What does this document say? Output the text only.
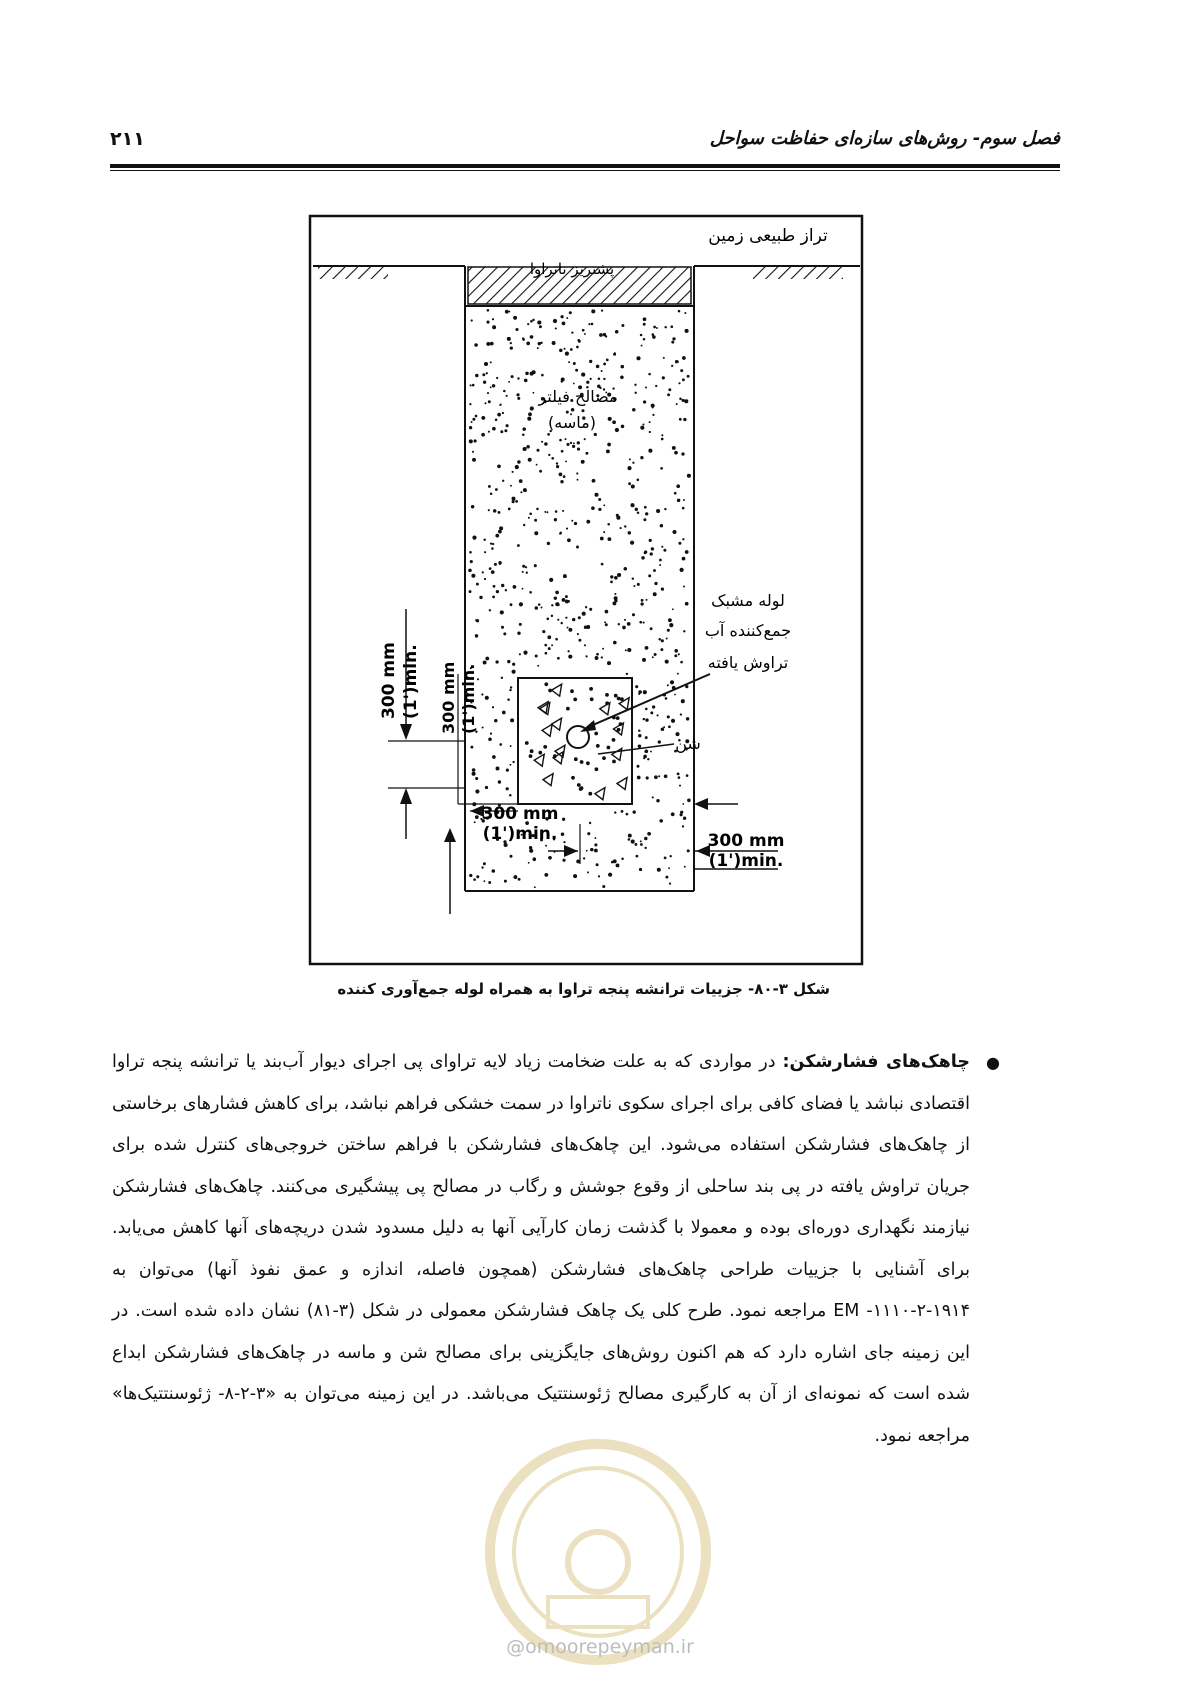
فصل سوم- روش‌های سازه‌ای حفاظت سواحل
۲۱۱
تراز طبیعی زمین
پشتریز ناتراوا
مصالح فیلتر
(ماسه)
لوله مشبک
جمع‌کننده آب
تراوش یافته
شن
300 mm (1')min. 300 mm (1')min.
300 mm
(1')min.	300 mm
(1')min.
شکل ۳-۸۰- جزییات ترانشه پنجه تراوا به همراه لوله جمع‌آوری کننده
●
چاهک‌های فشارشکن: در مواردی که به علت ضخامت زیاد لایه تراوای پی اجرای دیوار آب‌بند یا ترانشه پنجه تراوا اقتصادی نباشد یا فضای کافی برای اجرای سکوی ناتراوا در سمت خشکی فراهم نباشد، برای کاهش فشارهای برخاستی از چاهک‌های فشارشکن استفاده می‌شود. این چاهک‌های فشارشکن با فراهم ساختن خروجی‌های کنترل شده برای جریان تراوش یافته در پی بند ساحلی از وقوع جوشش و رگاب در مصالح پی پیشگیری می‌کنند. چاهک‌های فشارشکن نیازمند نگهداری دوره‌ای بوده و معمولا با گذشت زمان کارآیی آنها به دلیل مسدود شدن دریچه‌های آنها کاهش می‌یابد. برای آشنایی با جزییات طراحی چاهک‌های فشارشکن (همچون فاصله، اندازه و عمق نفوذ آنها) می‌توان به ۱۹۱۴-۲-۱۱۱۰- EM مراجعه نمود. طرح کلی یک چاهک فشارشکن معمولی در شکل (۳-۸۱) نشان داده شده است. در این زمینه جای اشاره دارد که هم اکنون روش‌های جایگزینی برای مصالح شن و ماسه در چاهک‌های فشارشکن ابداع شده است که نمونه‌ای از آن به کارگیری مصالح ژئوسنتتیک می‌باشد. در این زمینه می‌توان به «۳-۲-۸- ژئوسنتتیک‌ها» مراجعه نمود.
@omoorepeyman.ir
